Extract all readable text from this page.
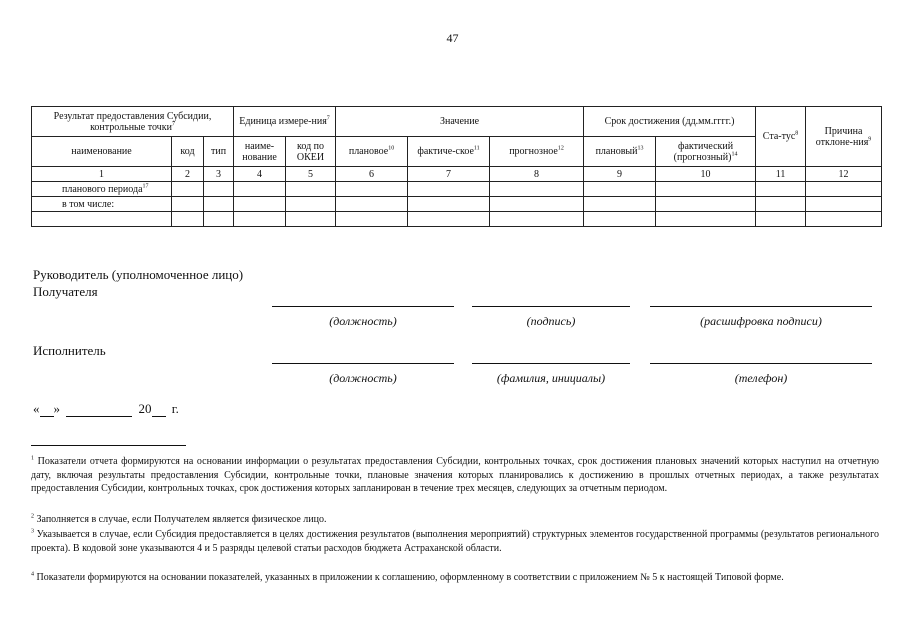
47
Результат предоставления Субсидии, контрольные точки$^7$			Единица измере-ния$^7$		Значение			Срок достижения (дд.мм.гггг.)		Ста-тус$^8$	Причина отклоне-ния$^9$
наименование	код	тип	наиме-нование	код по ОКЕИ	плановое$^{10}$	фактиче-ское$^{11}$	прогнозное$^{12}$	плановый$^{13}$	фактический (прогнозный)$^{14}$
1	2	3	4	5	6	7	8	9	10	11	12
планового периода$^{17}$											
в том числе:											

Руководитель (уполномоченное лицо) Получателя
(должность)	(подпись)	(расшифровка подписи)
Исполнитель
(должность)	(фамилия, инициалы)	(телефон)
« »	20 г.
$^1$ Показатели отчета формируются на основании информации о результатах предоставления Субсидии, контрольных точках, срок достижения плановых значений которых наступил на отчетную дату, включая результаты предоставления Субсидии, контрольные точки, плановые значения которых планировались к достижению в прошлых отчетных периодах, а также результатах предоставления Субсидии, контрольных точках, срок достижения которых запланирован в течение трех месяцев, следующих за отчетным периодом.
$^2$ Заполняется в случае, если Получателем является физическое лицо.
$^3$ Указывается в случае, если Субсидия предоставляется в целях достижения результатов (выполнения мероприятий) структурных элементов государственной программы (результатов регионального проекта). В кодовой зоне указываются 4 и 5 разряды целевой статьи расходов бюджета Астраханской области.
$^4$ Показатели формируются на основании показателей, указанных в приложении к соглашению, оформленному в соответствии с приложением № 5 к настоящей Типовой форме.
